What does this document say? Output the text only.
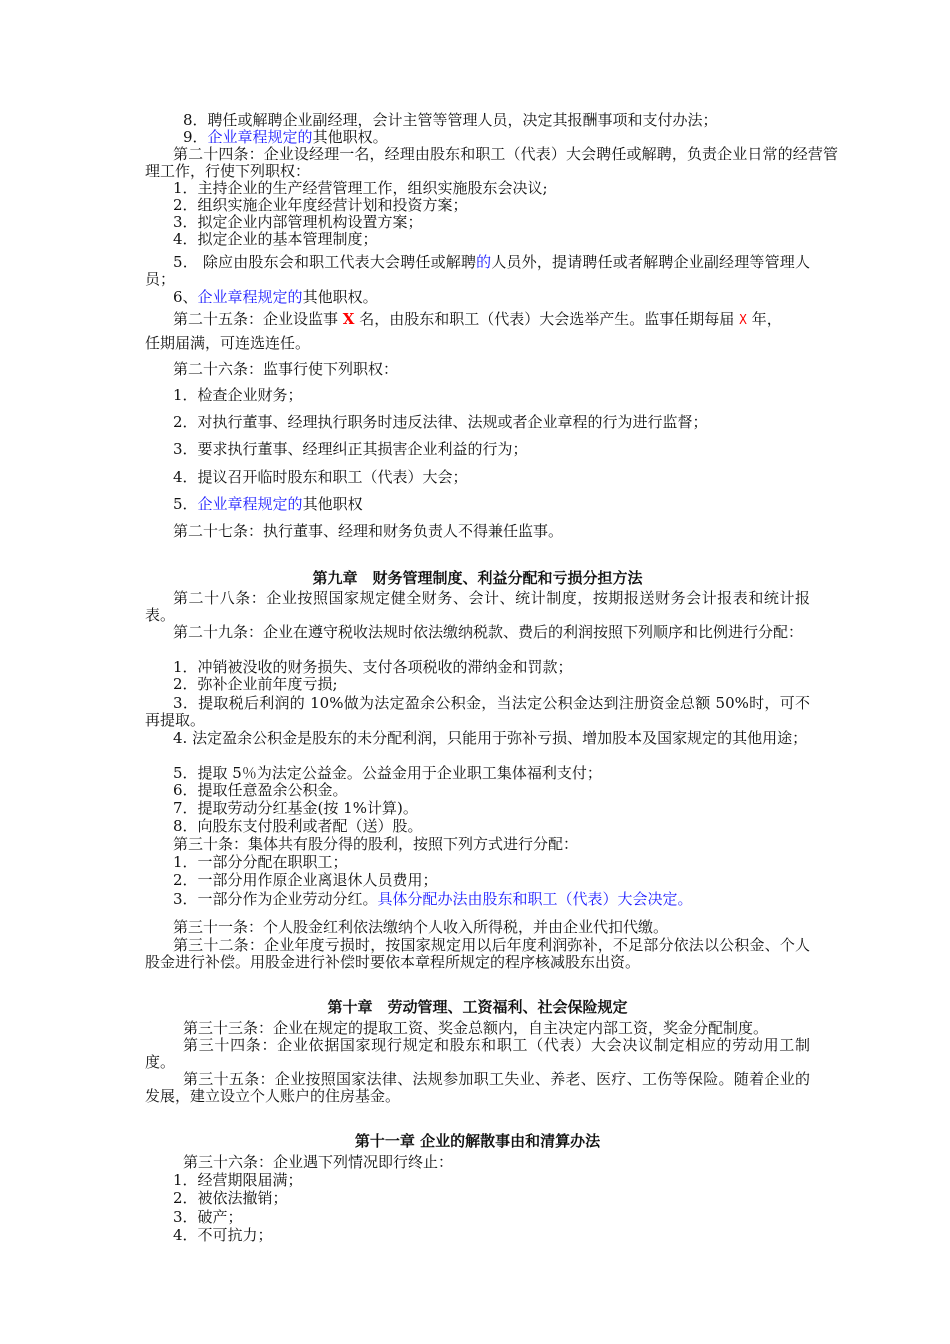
8．聘任或解聘企业副经理，会计主管等管理人员，决定其报酬事项和支付办法；
9．企业章程规定的其他职权。
第二十四条：企业设经理一名，经理由股东和职工（代表）大会聘任或解聘，负责企业日常的经营管理工作，行使下列职权：
1．主持企业的生产经营管理工作，组织实施股东会决议;
2．组织实施企业年度经营计划和投资方案；
3．拟定企业内部管理机构设置方案；
4．拟定企业的基本管理制度；
5． 除应由股东会和职工代表大会聘任或解聘的人员外，提请聘任或者解聘企业副经理等管理人员；
6、企业章程规定的其他职权。
第二十五条：企业设监事 X 名，由股东和职工（代表）大会选举产生。监事任期每届 X 年，
任期届满，可连选连任。
第二十六条：监事行使下列职权：
1．检查企业财务；
2．对执行董事、经理执行职务时违反法律、法规或者企业章程的行为进行监督；
3．要求执行董事、经理纠正其损害企业利益的行为；
4．提议召开临时股东和职工（代表）大会；
5．企业章程规定的其他职权
第二十七条：执行董事、经理和财务负责人不得兼任监事。
第九章　财务管理制度、利益分配和亏损分担方法
第二十八条：企业按照国家规定健全财务、会计、统计制度，按期报送财务会计报表和统计报表。
第二十九条：企业在遵守税收法规时依法缴纳税款、费后的利润按照下列顺序和比例进行分配：
1．冲销被没收的财务损失、支付各项税收的滞纳金和罚款；
2．弥补企业前年度亏损;
3．提取税后利润的 10%做为法定盈余公积金，当法定公积金达到注册资金总额 50%时，可不再提取。
4. 法定盈余公积金是股东的未分配利润，只能用于弥补亏损、增加股本及国家规定的其他用途；
5．提取 5％为法定公益金。公益金用于企业职工集体福利支付；
6．提取任意盈余公积金。
7．提取劳动分红基金(按 1%计算)。
8．向股东支付股利或者配（送）股。
第三十条：集体共有股分得的股利，按照下列方式进行分配：
1．一部分分配在职职工；
2．一部分用作原企业离退休人员费用；
3．一部分作为企业劳动分红。具体分配办法由股东和职工（代表）大会决定。
第三十一条：个人股金红利依法缴纳个人收入所得税，并由企业代扣代缴。
第三十二条：企业年度亏损时，按国家规定用以后年度利润弥补，不足部分依法以公积金、个人股金进行补偿。用股金进行补偿时要依本章程所规定的程序核减股东出资。
第十章　劳动管理、工资福利、社会保险规定
第三十三条：企业在规定的提取工资、奖金总额内，自主决定内部工资，奖金分配制度。
第三十四条：企业依据国家现行规定和股东和职工（代表）大会决议制定相应的劳动用工制度。
第三十五条：企业按照国家法律、法规参加职工失业、养老、医疗、工伤等保险。随着企业的发展，建立设立个人账户的住房基金。
第十一章 企业的解散事由和清算办法
第三十六条：企业遇下列情况即行终止：
1．经营期限届满；
2．被依法撤销；
3．破产；
4．不可抗力；
